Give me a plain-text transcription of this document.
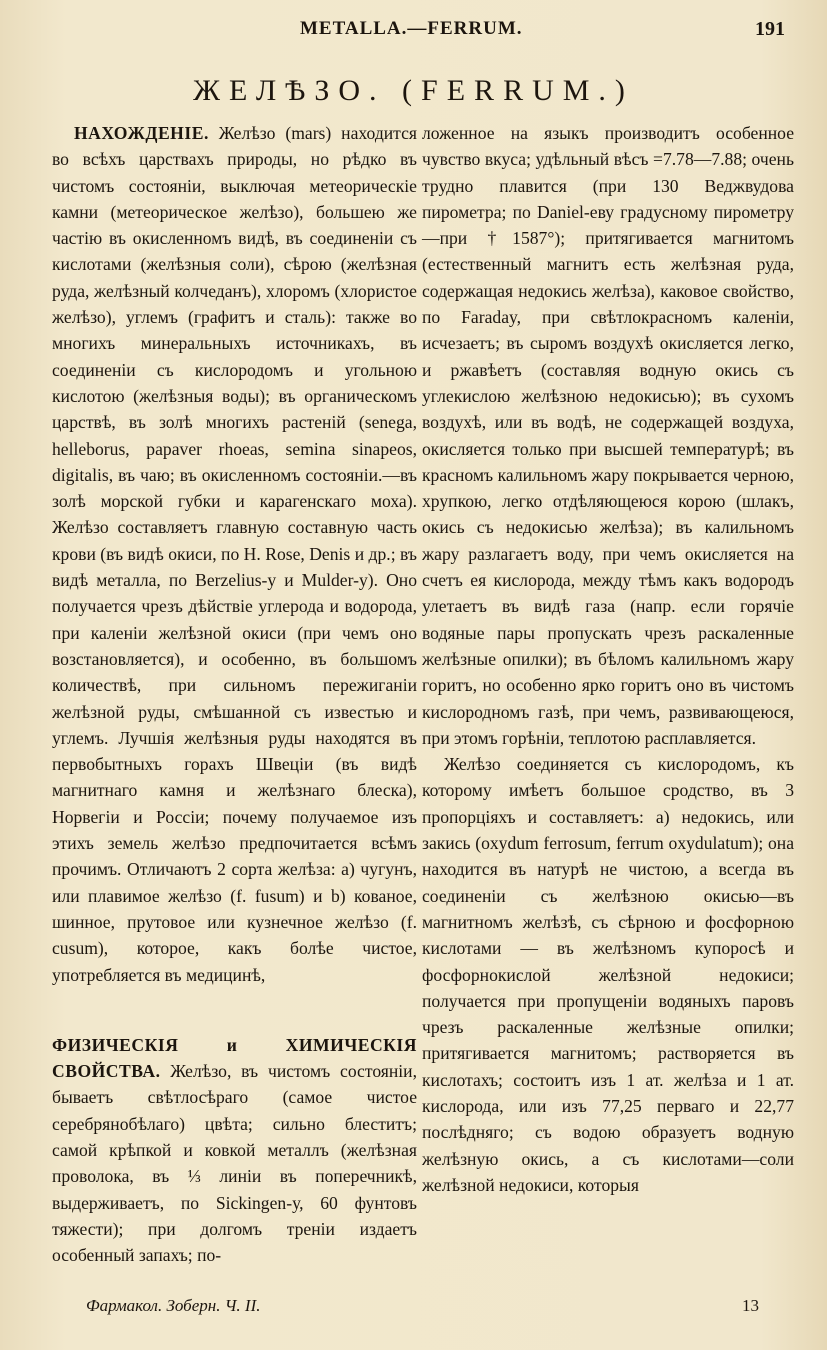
METALLA.—FERRUM.	191
ЖЕЛѢЗО. (FERRUM.)

НАХОЖДЕНІЕ. Желѣзо (mars) находится во всѣхъ царствахъ природы, но рѣдко въ чистомъ состояніи, выключая метеорическіе камни (метеорическое желѣзо), большею же частію въ окисленномъ видѣ, въ соединеніи съ кислотами (желѣзныя соли), сѣрою (желѣзная руда, желѣзный колчеданъ), хлоромъ (хлористое желѣзо), углемъ (графитъ и сталь): также во многихъ минеральныхъ источникахъ, въ соединеніи съ кислородомъ и угольною кислотою (желѣзныя воды); въ органическомъ царствѣ, въ золѣ многихъ растеній (senega, helleborus, papaver rhoeas, semina sinapeos, digitalis, въ чаю; въ окисленномъ состояніи.—въ золѣ морской губки и карагенскаго моха). Желѣзо составляетъ главную составную часть крови (въ видѣ окиси, по H. Rose, Denis и др.; въ видѣ металла, по Berzelius-у и Mulder-у). Оно получается чрезъ дѣйствіе углерода и водорода, при каленіи желѣзной окиси (при чемъ оно возстановляется), и особенно, въ большомъ количествѣ, при сильномъ пережиганіи желѣзной руды, смѣшанной съ известью и углемъ. Лучшія желѣзныя руды находятся въ первобытныхъ горахъ Швеціи (въ видѣ магнитнаго камня и желѣзнаго блеска), Норвегіи и Россіи; почему получаемое изъ этихъ земель желѣзо предпочитается всѣмъ прочимъ. Отличаютъ 2 сорта желѣза: a) чугунъ, или плавимое желѣзо (f. fusum) и b) кованое, шинное, прутовое или кузнечное желѣзо (f. cusum), которое, какъ болѣе чистое, употребляется въ медицинѣ,

ФИЗИЧЕСКІЯ и ХИМИЧЕСКІЯ СВОЙСТВА. Желѣзо, въ чистомъ состояніи, бываетъ свѣтлосѣраго (самое чистое серебрянобѣлаго) цвѣта; сильно блеститъ; самой крѣпкой и ковкой металлъ (желѣзная проволока, въ ⅓ линіи въ поперечникѣ, выдерживаетъ, по Sickingen-у, 60 фунтовъ тяжести); при долгомъ треніи издаетъ особенный запахъ; по-

ложенное на языкъ производитъ особенное чувство вкуса; удѣльный вѣсъ =7.78—7.88; очень трудно плавится (при 130 Веджвудова пирометра; по Daniel-еву градусному пирометру—при †1587°); притягивается магнитомъ (естественный магнитъ есть желѣзная руда, содержащая недокись желѣза), каковое свойство, по Faraday, при свѣтлокрасномъ каленіи, исчезаетъ; въ сыромъ воздухѣ окисляется легко, и ржавѣетъ (составляя водную окись съ углекислою желѣзною недокисью); въ сухомъ воздухѣ, или въ водѣ, не содержащей воздуха, окисляется только при высшей температурѣ; въ красномъ калильномъ жару покрывается черною, хрупкою, легко отдѣляющеюся корою (шлакъ, окись съ недокисью желѣза); въ калильномъ жару разлагаетъ воду, при чемъ окисляется на счетъ ея кислорода, между тѣмъ какъ водородъ улетаетъ въ видѣ газа (напр. если горячіе водяные пары пропускать чрезъ раскаленные желѣзные опилки); въ бѣломъ калильномъ жару горитъ, но особенно ярко горитъ оно въ чистомъ кислородномъ газѣ, при чемъ, развивающеюся, при этомъ горѣніи, теплотою расплавляется.

Желѣзо соединяется съ кислородомъ, къ которому имѣетъ большое сродство, въ 3 пропорціяхъ и составляетъ: a) недокись, или закись (oxydum ferrosum, ferrum oxydulatum); она находится въ натурѣ не чистою, а всегда въ соединеніи съ желѣзною окисью—въ магнитномъ желѣзѣ, съ сѣрною и фосфорною кислотами — въ желѣзномъ купоросѣ и фосфорнокислой желѣзной недокиси; получается при пропущеніи водяныхъ паровъ чрезъ раскаленные желѣзные опилки; притягивается магнитомъ; растворяется въ кислотахъ; состоитъ изъ 1 ат. желѣза и 1 ат. кислорода, или изъ 77,25 перваго и 22,77 послѣдняго; съ водою образуетъ водную желѣзную окись, а съ кислотами—соли желѣзной недокиси, которыя

Фармакол. Зоберн. Ч. II.	13
